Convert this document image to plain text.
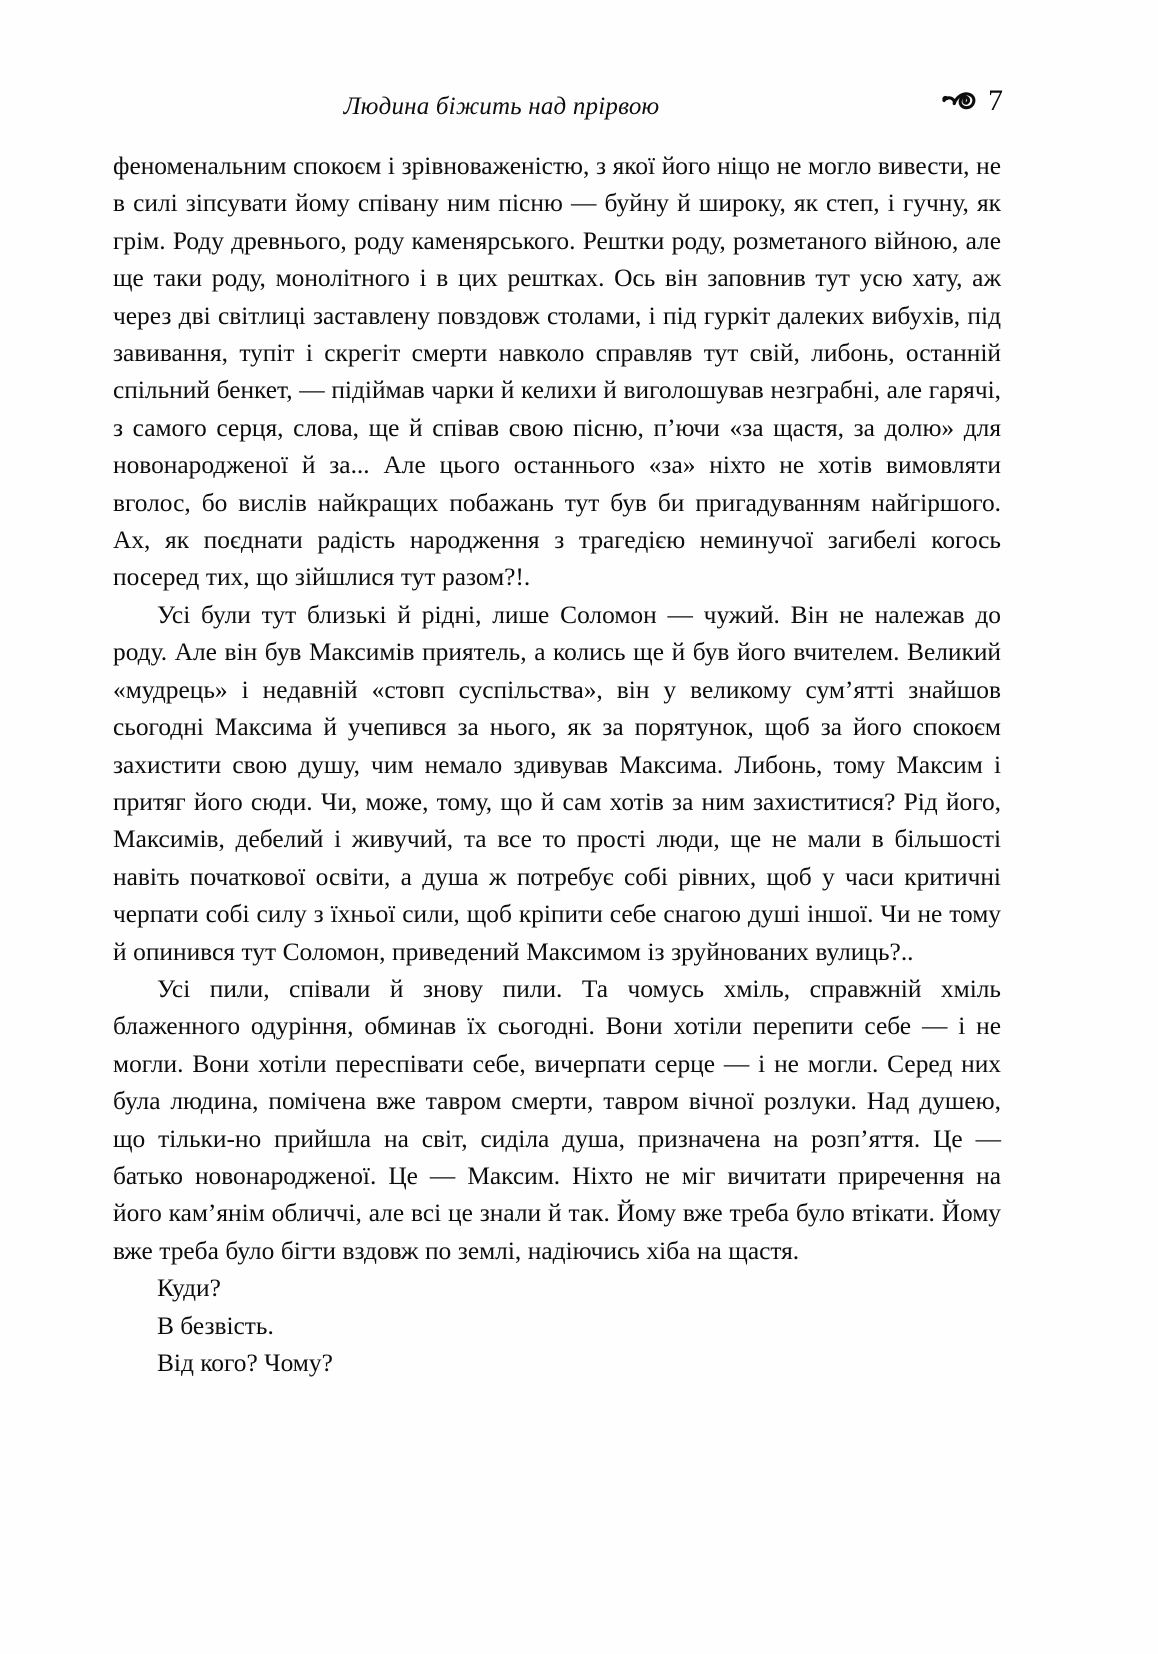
Людина біжить над прірвою	7

феноменальним спокоєм і зрівноваженістю, з якої його ніщо не могло вивести, не в силі зіпсувати йому співану ним пісню — буйну й широку, як степ, і гучну, як грім. Роду древнього, роду каменярського. Рештки роду, розметаного війною, але ще таки роду, монолітного і в цих рештках. Ось він заповнив тут усю хату, аж через дві світлиці заставлену повздовж столами, і під гуркіт далеких вибухів, під завивання, тупіт і скрегіт смерти навколо справляв тут свій, либонь, останній спільний бенкет, — підіймав чарки й келихи й виголошував незграбні, але гарячі, з самого серця, слова, ще й співав свою пісню, п’ючи «за щастя, за долю» для новонародженої й за... Але цього останнього «за» ніхто не хотів вимовляти вголос, бо вислів найкращих побажань тут був би пригадуванням найгіршого. Ах, як поєднати радість народження з трагедією неминучої загибелі когось посеред тих, що зійшлися тут разом?!.

Усі були тут близькі й рідні, лише Соломон — чужий. Він не належав до роду. Але він був Максимів приятель, а колись ще й був його вчителем. Великий «мудрець» і недавній «стовп суспільства», він у великому сум’ятті знайшов сьогодні Максима й учепився за нього, як за порятунок, щоб за його спокоєм захистити свою душу, чим немало здивував Максима. Либонь, тому Максим і притяг його сюди. Чи, може, тому, що й сам хотів за ним захиститися? Рід його, Максимів, дебелий і живучий, та все то прості люди, ще не мали в більшості навіть початкової освіти, а душа ж потребує собі рівних, щоб у часи критичні черпати собі силу з їхньої сили, щоб кріпити себе снагою душі іншої. Чи не тому й опинився тут Соломон, приведений Максимом із зруйнованих вулиць?..

Усі пили, співали й знову пили. Та чомусь хміль, справжній хміль блаженного одуріння, обминав їх сьогодні. Вони хотіли перепити себе — і не могли. Вони хотіли переспівати себе, вичерпати серце — і не могли. Серед них була людина, помічена вже тавром смерти, тавром вічної розлуки. Над душею, що тільки-но прийшла на світ, сиділа душа, призначена на розп’яття. Це — батько новонародженої. Це — Максим. Ніхто не міг вичитати приречення на його кам’янім обличчі, але всі це знали й так. Йому вже треба було втікати. Йому вже треба було бігти вздовж по землі, надіючись хіба на щастя.

Куди?

В безвість.

Від кого? Чому?
